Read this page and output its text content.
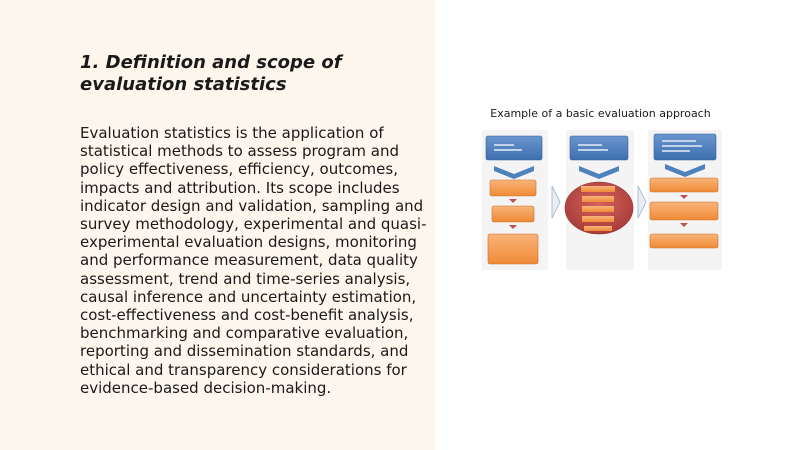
1. Definition and scope of evaluation statistics

Evaluation statistics is the application of statistical methods to assess program and policy effectiveness, efficiency, outcomes, impacts and attribution. Its scope includes indicator design and validation, sampling and survey methodology, experimental and quasi-experimental evaluation designs, monitoring and performance measurement, data quality assessment, trend and time-series analysis, causal inference and uncertainty estimation, cost-effectiveness and cost-benefit analysis, benchmarking and comparative evaluation, reporting and dissemination standards, and ethical and transparency considerations for evidence-based decision-making.

Example of a basic evaluation approach
